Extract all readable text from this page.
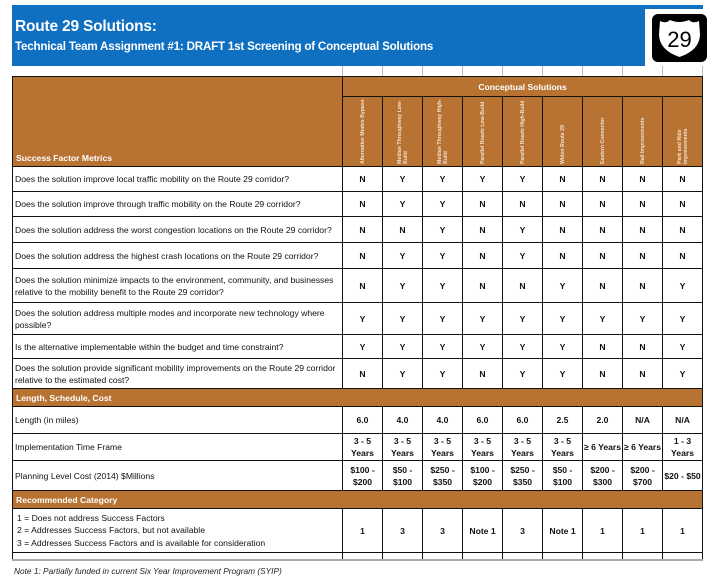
Route 29 Solutions:
Technical Team Assignment #1: DRAFT 1st Screening of Conceptual Solutions	29
Success Factor Metrics	Conceptual Solutions								

	Alternative Modes Bypass	Median Throughway Low-Build	Median Throughway High-Build	Parallel Roads Low-Build	Parallel Roads High-Build	Widen Route 29	Eastern Connector	Rail Improvements	Park and Ride Improvements

Does the solution improve local traffic mobility on the Route 29 corridor?	N	Y	Y	Y	Y	N	N	N	N
Does the solution improve through traffic mobility on the Route 29 corridor?	N	Y	Y	N	N	N	N	N	N
Does the solution address the worst congestion locations on the Route 29 corridor?	N	N	Y	N	Y	N	N	N	N
Does the solution address the highest crash locations on the Route 29 corridor?	N	Y	Y	N	Y	N	N	N	N
Does the solution minimize impacts to the environment, community, and businesses relative to the mobility benefit to the Route 29 corridor?	N	Y	Y	N	N	Y	N	N	Y
Does the solution address multiple modes and incorporate new technology where possible?	Y	Y	Y	Y	Y	Y	Y	Y	Y
Is the alternative implementable within the budget and time constraint?	Y	Y	Y	Y	Y	Y	N	N	Y
Does the solution provide significant mobility improvements on the Route 29 corridor relative to the estimated cost?	N	Y	Y	N	Y	Y	N	N	Y
Length, Schedule, Cost									
Length (in miles)	6.0	4.0	4.0	6.0	6.0	2.5	2.0	N/A	N/A
Implementation Time Frame	3 - 5 Years	3 - 5 Years	3 - 5 Years	3 - 5 Years	3 - 5 Years	3 - 5 Years	≥ 6 Years	≥ 6 Years	1 - 3 Years
Planning Level Cost (2014) $Millions	$100 - $200	$50 - $100	$250 - $350	$100 - $200	$250 - $350	$50 - $100	$200 - $300	$200 - $700	$20 - $50
Recommended Category									

1 = Does not address Success Factors
2 = Addresses Success Factors, but not available
3 = Addresses Success Factors and is available for consideration	1	3	3	Note 1	3	Note 1	1	1	1

Note 1: Partially funded in current Six Year Improvement Program (SYIP)
